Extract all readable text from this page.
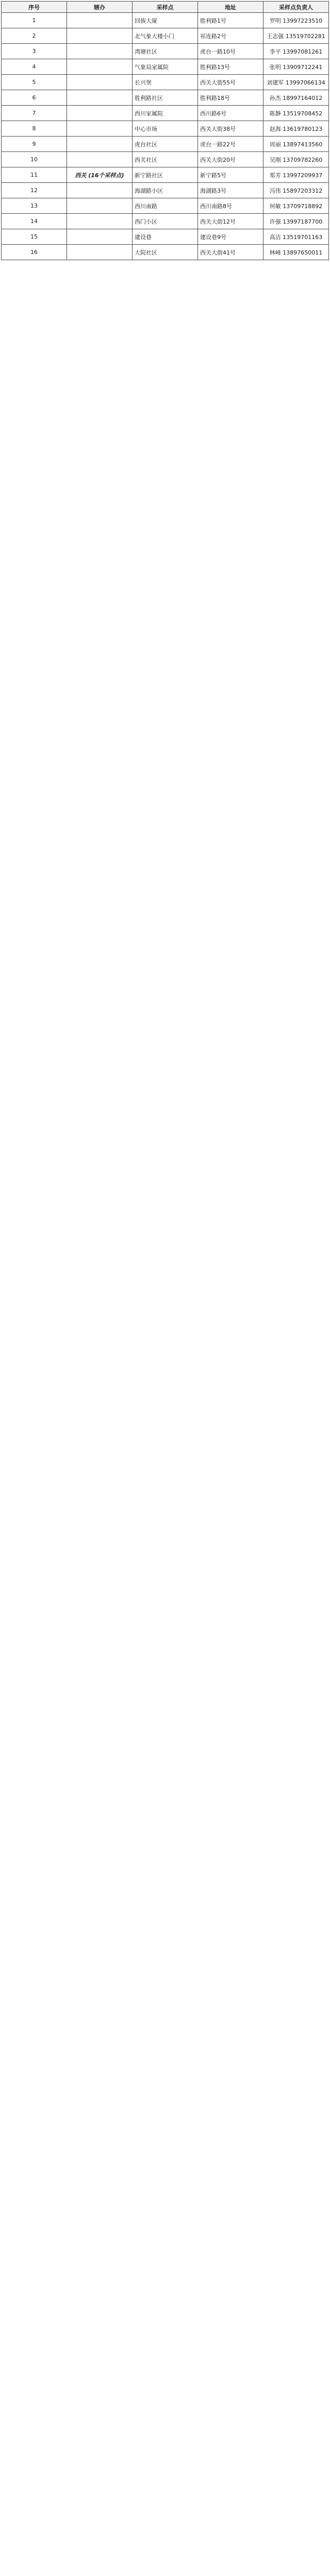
序号	辖办	采样点	地址	采样点负责人
1		回族大厦	胜利路1号	罗明 13997223510
2		北气象大楼小门	祁连路2号	王志强 13519702281
3		湾塘社区	虎台一路10号	李平 13997081261
4		气象局家属院	胜利路13号	张明 13909712241
5		长兴堡	西关大街55号	刘建军 13997066134
6		胜利路社区	胜利路18号	孙杰 18997164012
7		西川家属院	西川路6号	陈静 13519708452
8		中心市场	西关大街38号	赵海 13619780123
9		虎台社区	虎台一路22号	周丽 13897413560
10		西关社区	西关大街20号	吴刚 13709782260
11	西关 (16个采样点)	新宁路社区	新宁路5号	郑芳 13997209937
12		海湖路小区	海湖路3号	冯伟 15897203312
13		西川南路	西川南路8号	何敏 13709718892
14		西门小区	西关大街12号	许强 13997187700
15		建设巷	建设巷9号	高洁 13519701163
16		大院社区	西关大街41号	林峰 13897650011
